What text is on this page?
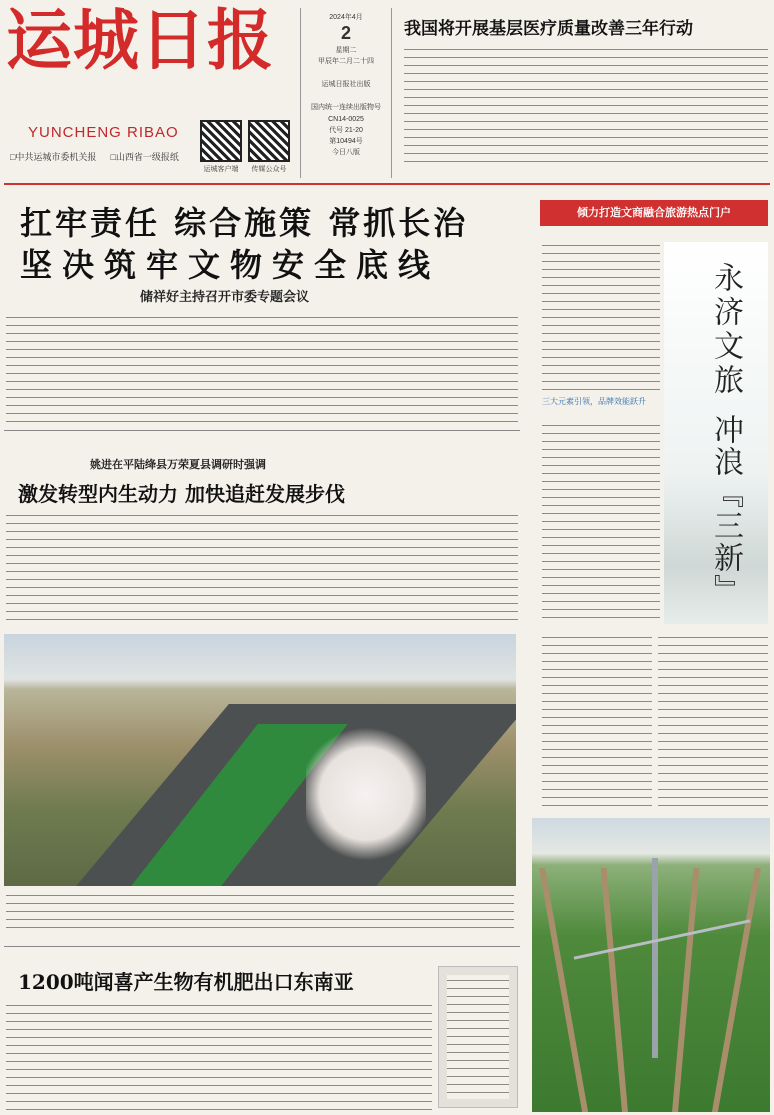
运城日报
YUNCHENG RIBAO
□中共运城市委机关报 □山西省一级报纸
运城客户端	传媒公众号
2024年4月
2
星期二
甲辰年二月二十四
运城日报社出版
国内统一连续出版物号 CN14-0025
代号 21-20
第10494号
今日八版
我国将开展基层医疗质量改善三年行动
扛牢责任 综合施策 常抓长治
坚决筑牢文物安全底线
储祥好主持召开市委专题会议
姚进在平陆绛县万荣夏县调研时强调
激发转型内生动力 加快追赶发展步伐
1200吨闻喜产生物有机肥出口东南亚
倾力打造文商融合旅游热点门户
三大元素引领，品牌效能跃升
永济文旅
冲浪『三新』
